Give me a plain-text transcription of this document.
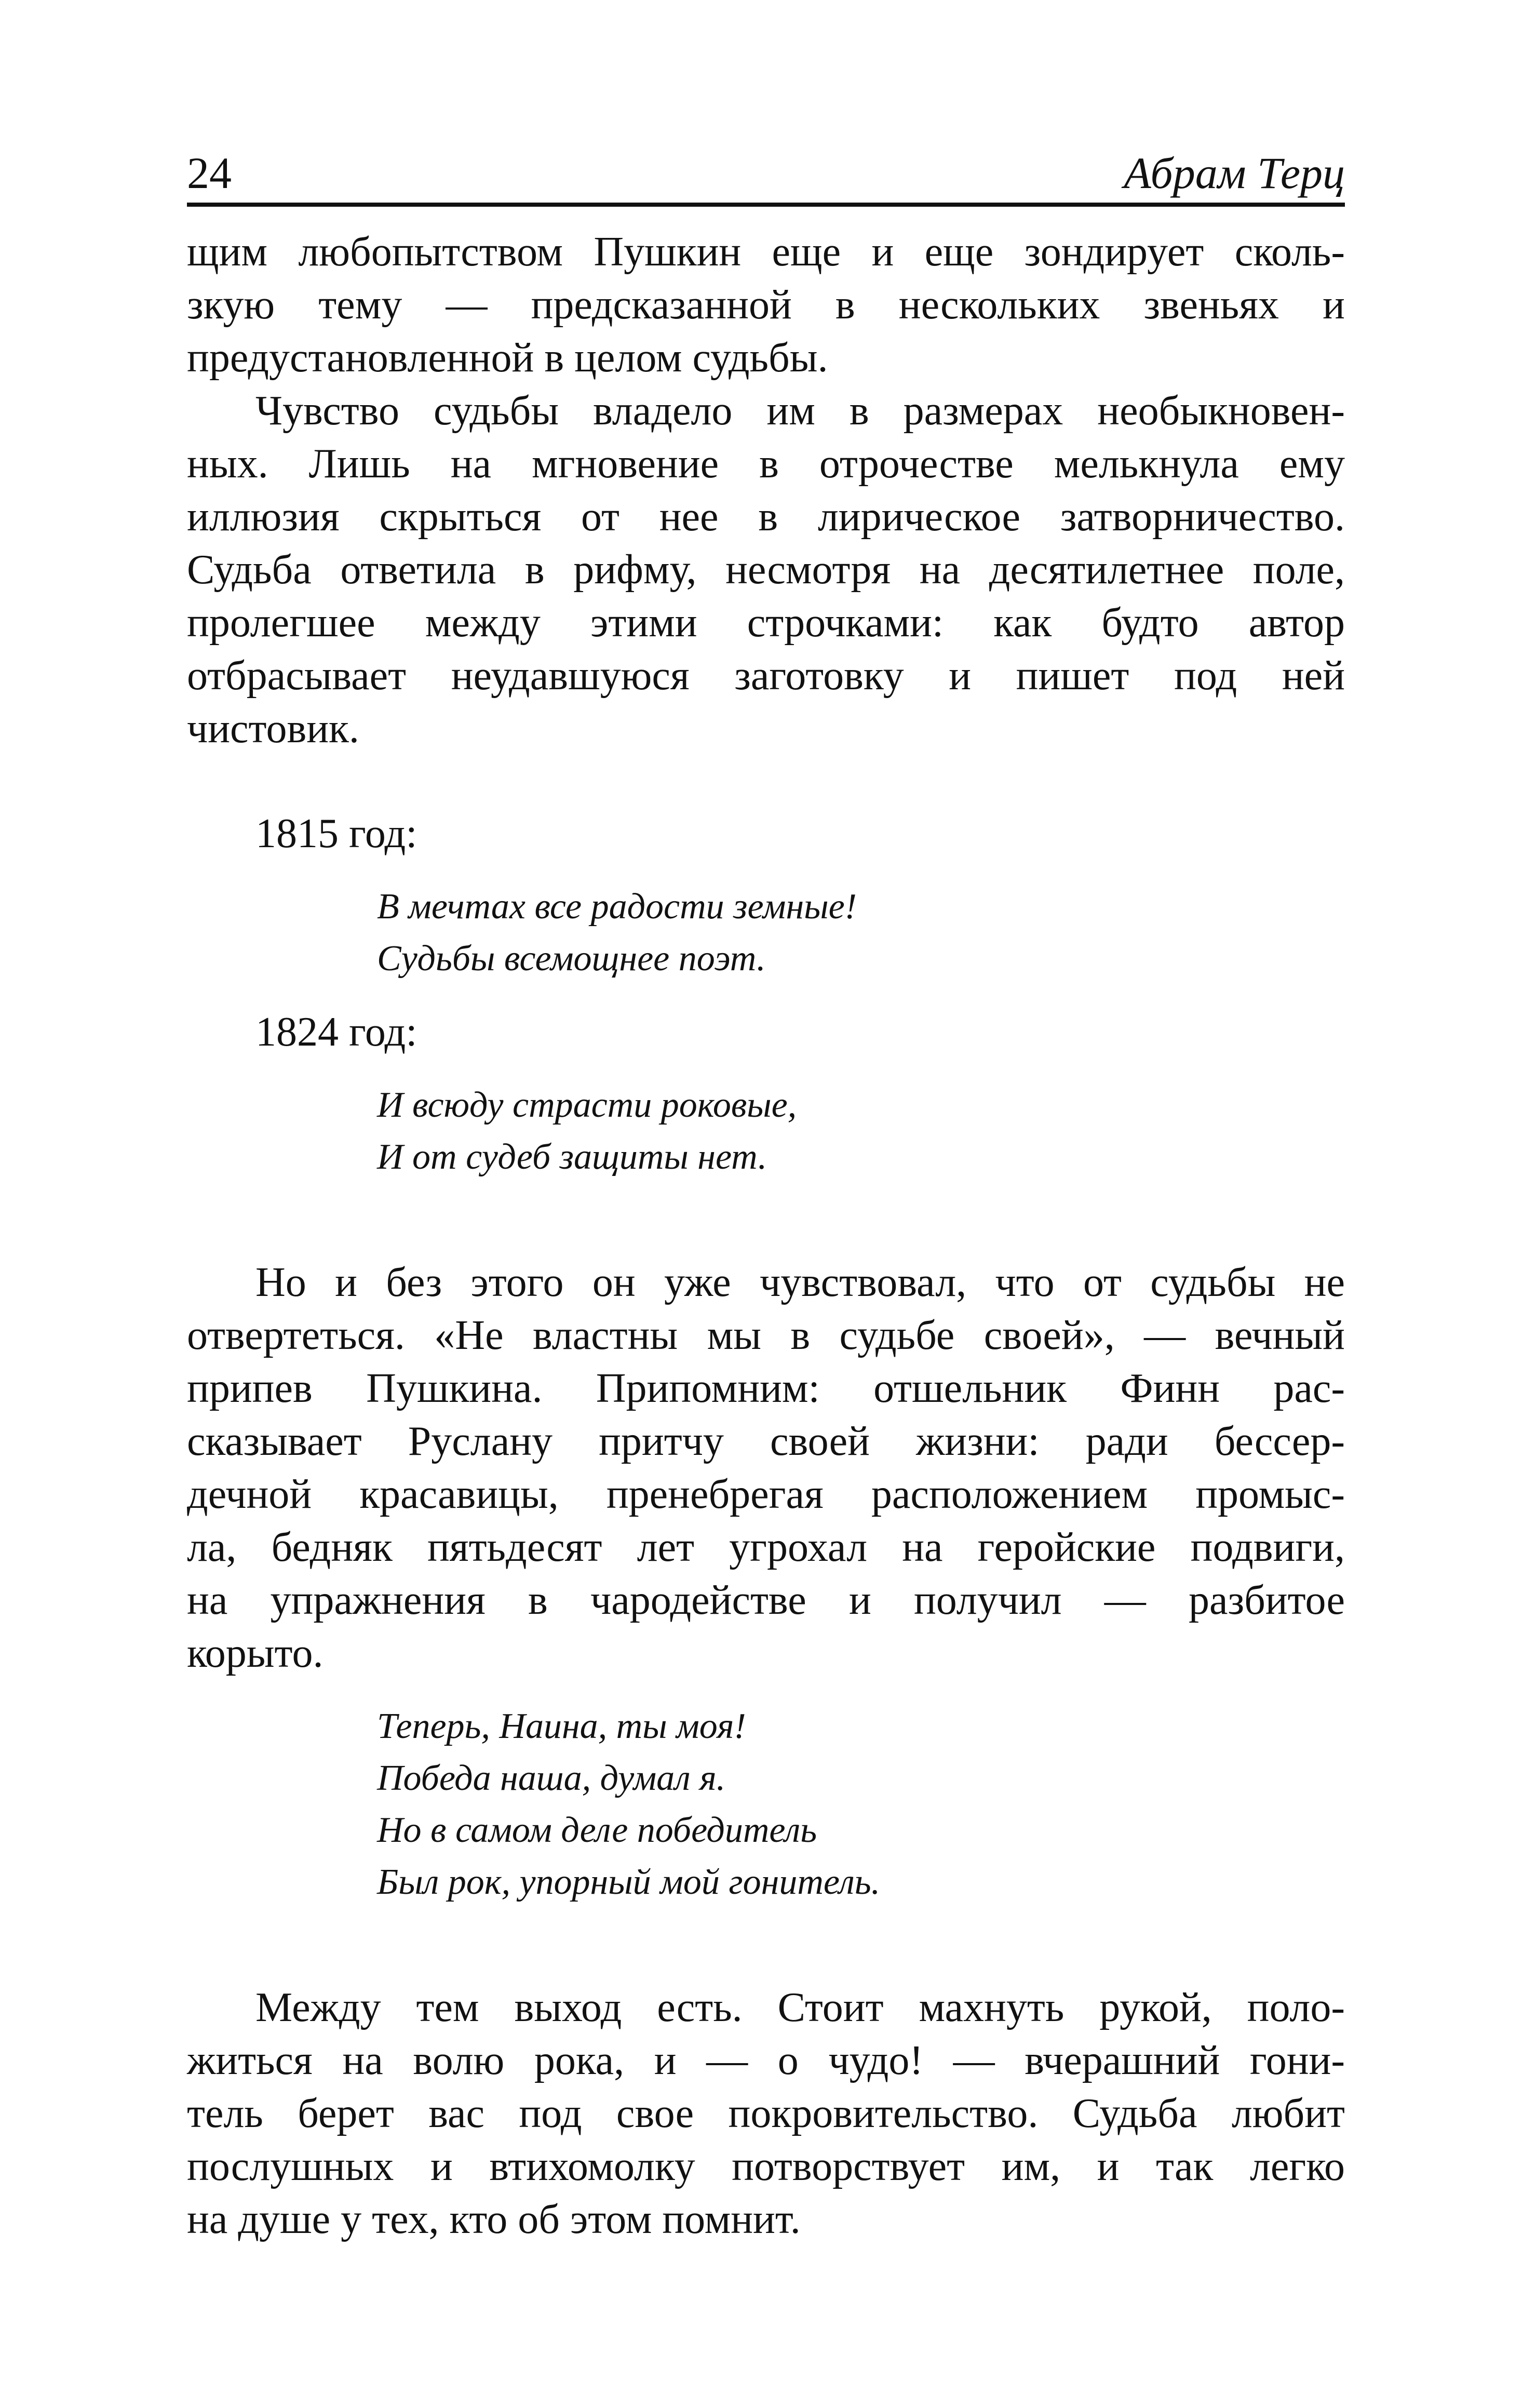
24	Абрам Терц
щим любопытством Пушкин еще и еще зондирует сколь-
зкую тему — предсказанной в нескольких звеньях и
предустановленной в целом судьбы.
Чувство судьбы владело им в размерах необыкновен-
ных. Лишь на мгновение в отрочестве мелькнула ему
иллюзия скрыться от нее в лирическое затворничество.
Судьба ответила в рифму, несмотря на десятилетнее поле,
пролегшее между этими строчками: как будто автор
отбрасывает неудавшуюся заготовку и пишет под ней
чистовик.

1815 год:

В мечтах все радости земные!
Судьбы всемощнее поэт.

1824 год:

И всюду страсти роковые,
И от судеб защиты нет.
Но и без этого он уже чувствовал, что от судьбы не
отвертеться. «Не властны мы в судьбе своей», — вечный
припев Пушкина. Припомним: отшельник Финн рас-
сказывает Руслану притчу своей жизни: ради бессер-
дечной красавицы, пренебрегая расположением промыс-
ла, бедняк пятьдесят лет угрохал на геройские подвиги,
на упражнения в чародействе и получил — разбитое
корыто.
Теперь, Наина, ты моя!
Победа наша, думал я.
Но в самом деле победитель
Был рок, упорный мой гонитель.
Между тем выход есть. Стоит махнуть рукой, поло-
житься на волю рока, и — о чудо! — вчерашний гони-
тель берет вас под свое покровительство. Судьба любит
послушных и втихомолку потворствует им, и так легко
на душе у тех, кто об этом помнит.
